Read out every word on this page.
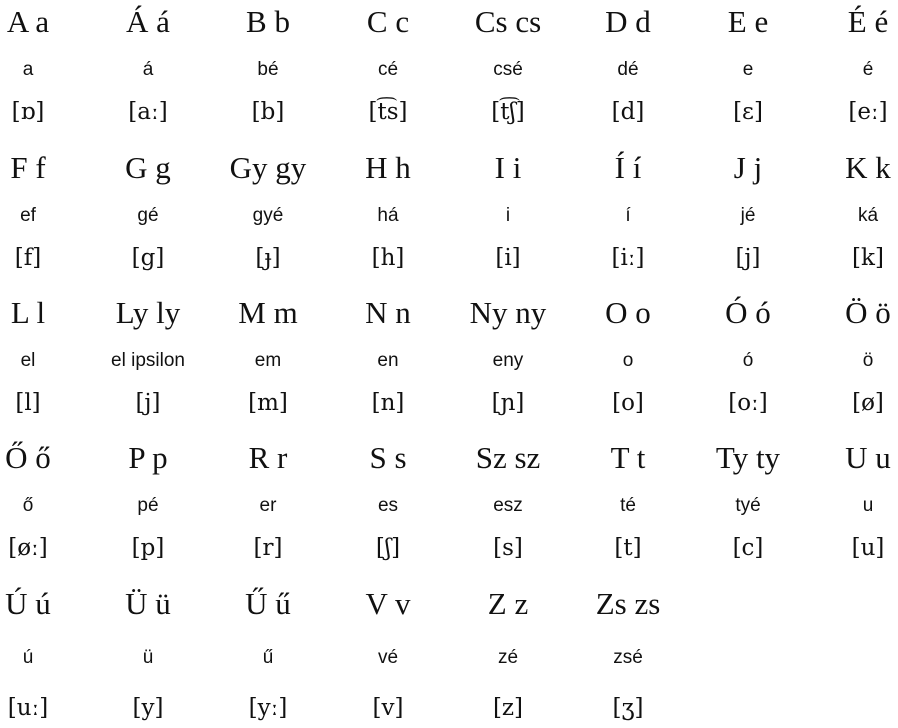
A a	Á á	B b	C c	Cs cs	D d	E e	É é
a	á	bé	cé	csé	dé	e	é
[ɒ]	[aː]	[b]	[t͡s]	[t͡ʃ]	[d]	[ɛ]	[eː]
F f	G g	Gy gy	H h	I i	Í í	J j	K k
ef	gé	gyé	há	i	í	jé	ká
[f]	[g]	[ɟ]	[h]	[i]	[iː]	[j]	[k]
L l	Ly ly	M m	N n	Ny ny	O o	Ó ó	Ö ö
el	el ipsilon	em	en	eny	o	ó	ö
[l]	[j]	[m]	[n]	[ɲ]	[o]	[oː]	[ø]
Ő ő	P p	R r	S s	Sz sz	T t	Ty ty	U u
ő	pé	er	es	esz	té	tyé	u
[øː]	[p]	[r]	[ʃ]	[s]	[t]	[c]	[u]
Ú ú	Ü ü	Ű ű	V v	Z z	Zs zs
ú	ü	ű	vé	zé	zsé
[uː]	[y]	[yː]	[v]	[z]	[ʒ]
